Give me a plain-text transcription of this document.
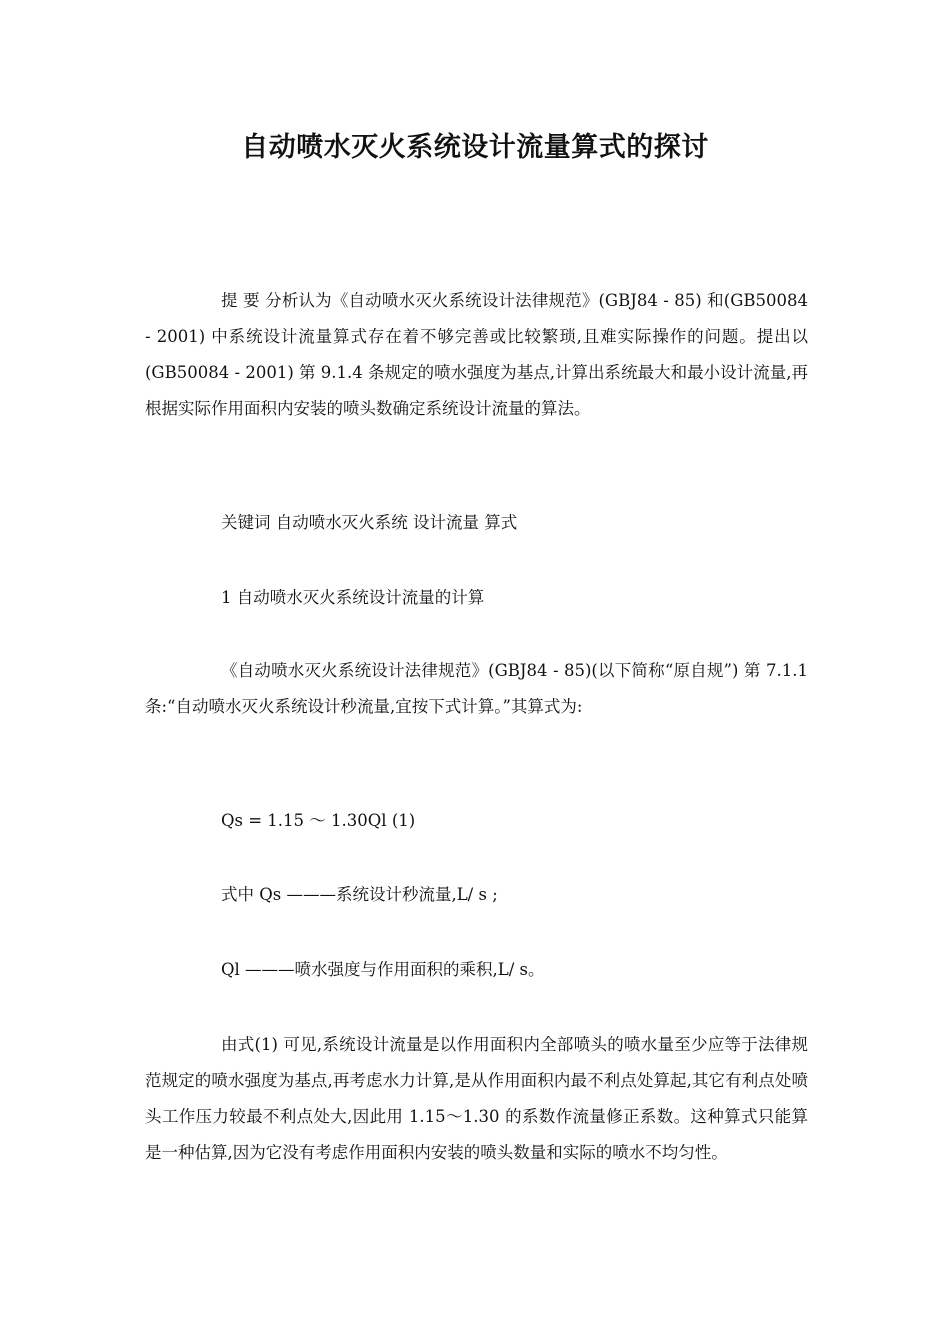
自动喷水灭火系统设计流量算式的探讨

提 要 分析认为《自动喷水灭火系统设计法律规范》(GBJ84 - 85) 和(GB50084 - 2001) 中系统设计流量算式存在着不够完善或比较繁琐,且难实际操作的问题。提出以(GB50084 - 2001) 第 9.1.4 条规定的喷水强度为基点,计算出系统最大和最小设计流量,再根据实际作用面积内安装的喷头数确定系统设计流量的算法。

关键词 自动喷水灭火系统 设计流量 算式

1 自动喷水灭火系统设计流量的计算

《自动喷水灭火系统设计法律规范》(GBJ84 - 85)(以下简称“原自规”) 第 7.1.1 条:“自动喷水灭火系统设计秒流量,宜按下式计算。”其算式为:

Qs = 1.15 ～ 1.30Ql (1)

式中 Qs ———系统设计秒流量,L/ s ;

Ql ———喷水强度与作用面积的乘积,L/ s。

由式(1) 可见,系统设计流量是以作用面积内全部喷头的喷水量至少应等于法律规范规定的喷水强度为基点,再考虑水力计算,是从作用面积内最不利点处算起,其它有利点处喷头工作压力较最不利点处大,因此用 1.15～1.30 的系数作流量修正系数。这种算式只能算是一种估算,因为它没有考虑作用面积内安装的喷头数量和实际的喷水不均匀性。
